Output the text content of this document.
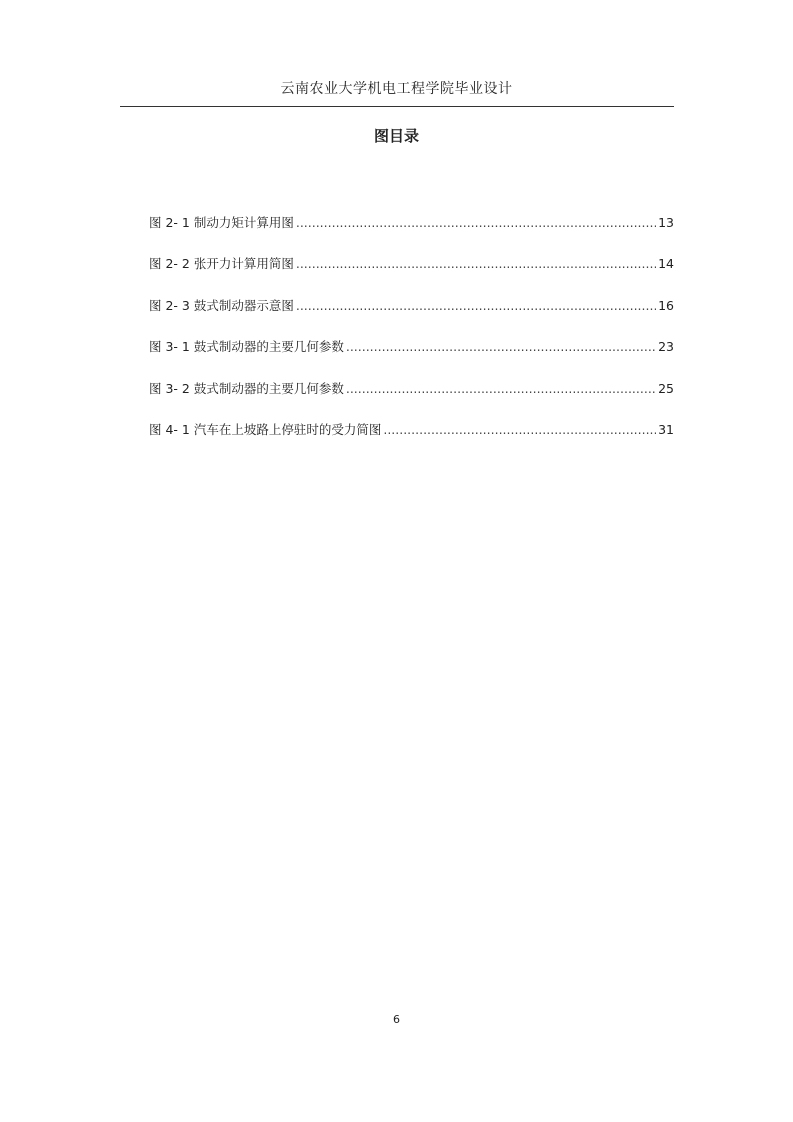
云南农业大学机电工程学院毕业设计
图目录
图 2- 1 制动力矩计算用图 .....	13
图 2- 2 张开力计算用简图 .....	14
图 2- 3 鼓式制动器示意图 .....	16
图 3- 1 鼓式制动器的主要几何参数 .....	23
图 3- 2 鼓式制动器的主要几何参数 .....	25
图 4- 1 汽车在上坡路上停驻时的受力简图 .....	31
6
